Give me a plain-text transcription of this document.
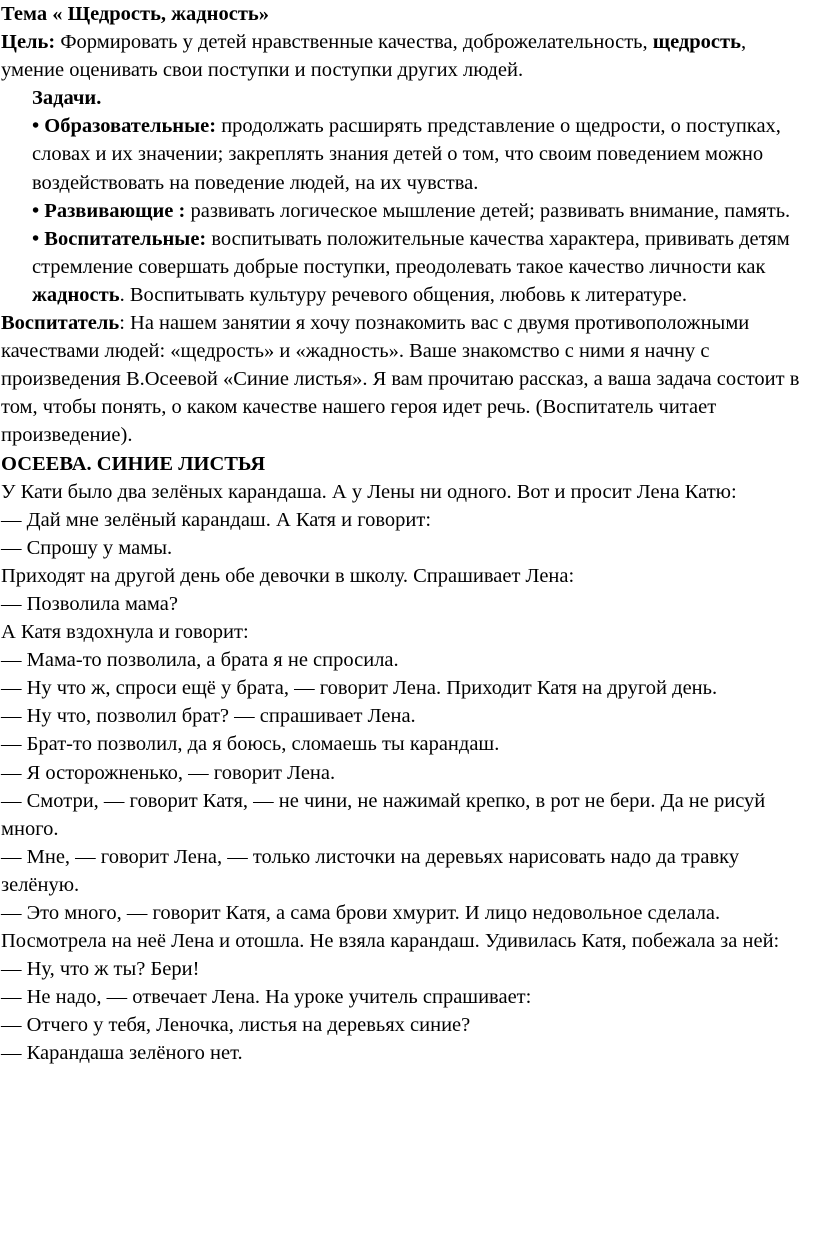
Тема « Щедрость, жадность»

Цель: Формировать у детей нравственные качества, доброжелательность, щедрость, умение оценивать свои поступки и поступки других людей.

Задачи.

• Образовательные: продолжать расширять представление о щедрости, о поступках, словах и их значении; закреплять знания детей о том, что своим поведением можно воздействовать на поведение людей, на их чувства.

• Развивающие : развивать логическое мышление детей; развивать внимание, память.

• Воспитательные: воспитывать положительные качества характера, прививать детям стремление совершать добрые поступки, преодолевать такое качество личности как жадность. Воспитывать культуру речевого общения, любовь к литературе.

Воспитатель: На нашем занятии я хочу познакомить вас с двумя противоположными качествами людей: «щедрость» и «жадность». Ваше знакомство с ними я начну с произведения В.Осеевой «Синие листья». Я вам прочитаю рассказ, а ваша задача состоит в том, чтобы понять, о каком качестве нашего героя идет речь. (Воспитатель читает произведение).

ОСЕЕВА. СИНИЕ ЛИСТЬЯ

У Кати было два зелёных карандаша. А у Лены ни одного. Вот и просит Лена Катю:

— Дай мне зелёный карандаш. А Катя и говорит:

— Спрошу у мамы.

Приходят на другой день обе девочки в школу. Спрашивает Лена:

— Позволила мама?

А Катя вздохнула и говорит:

— Мама-то позволила, а брата я не спросила.

— Ну что ж, спроси ещё у брата, — говорит Лена. Приходит Катя на другой день.

— Ну что, позволил брат? — спрашивает Лена.

— Брат-то позволил, да я боюсь, сломаешь ты карандаш.

— Я осторожненько, — говорит Лена.

— Смотри, — говорит Катя, — не чини, не нажимай крепко, в рот не бери. Да не рисуй много.

— Мне, — говорит Лена, — только листочки на деревьях нарисовать надо да травку зелёную.

— Это много, — говорит Катя, а сама брови хмурит. И лицо недовольное сделала. Посмотрела на неё Лена и отошла. Не взяла карандаш. Удивилась Катя, побежала за ней:

— Ну, что ж ты? Бери!

— Не надо, — отвечает Лена. На уроке учитель спрашивает:

— Отчего у тебя, Леночка, листья на деревьях синие?

— Карандаша зелёного нет.
